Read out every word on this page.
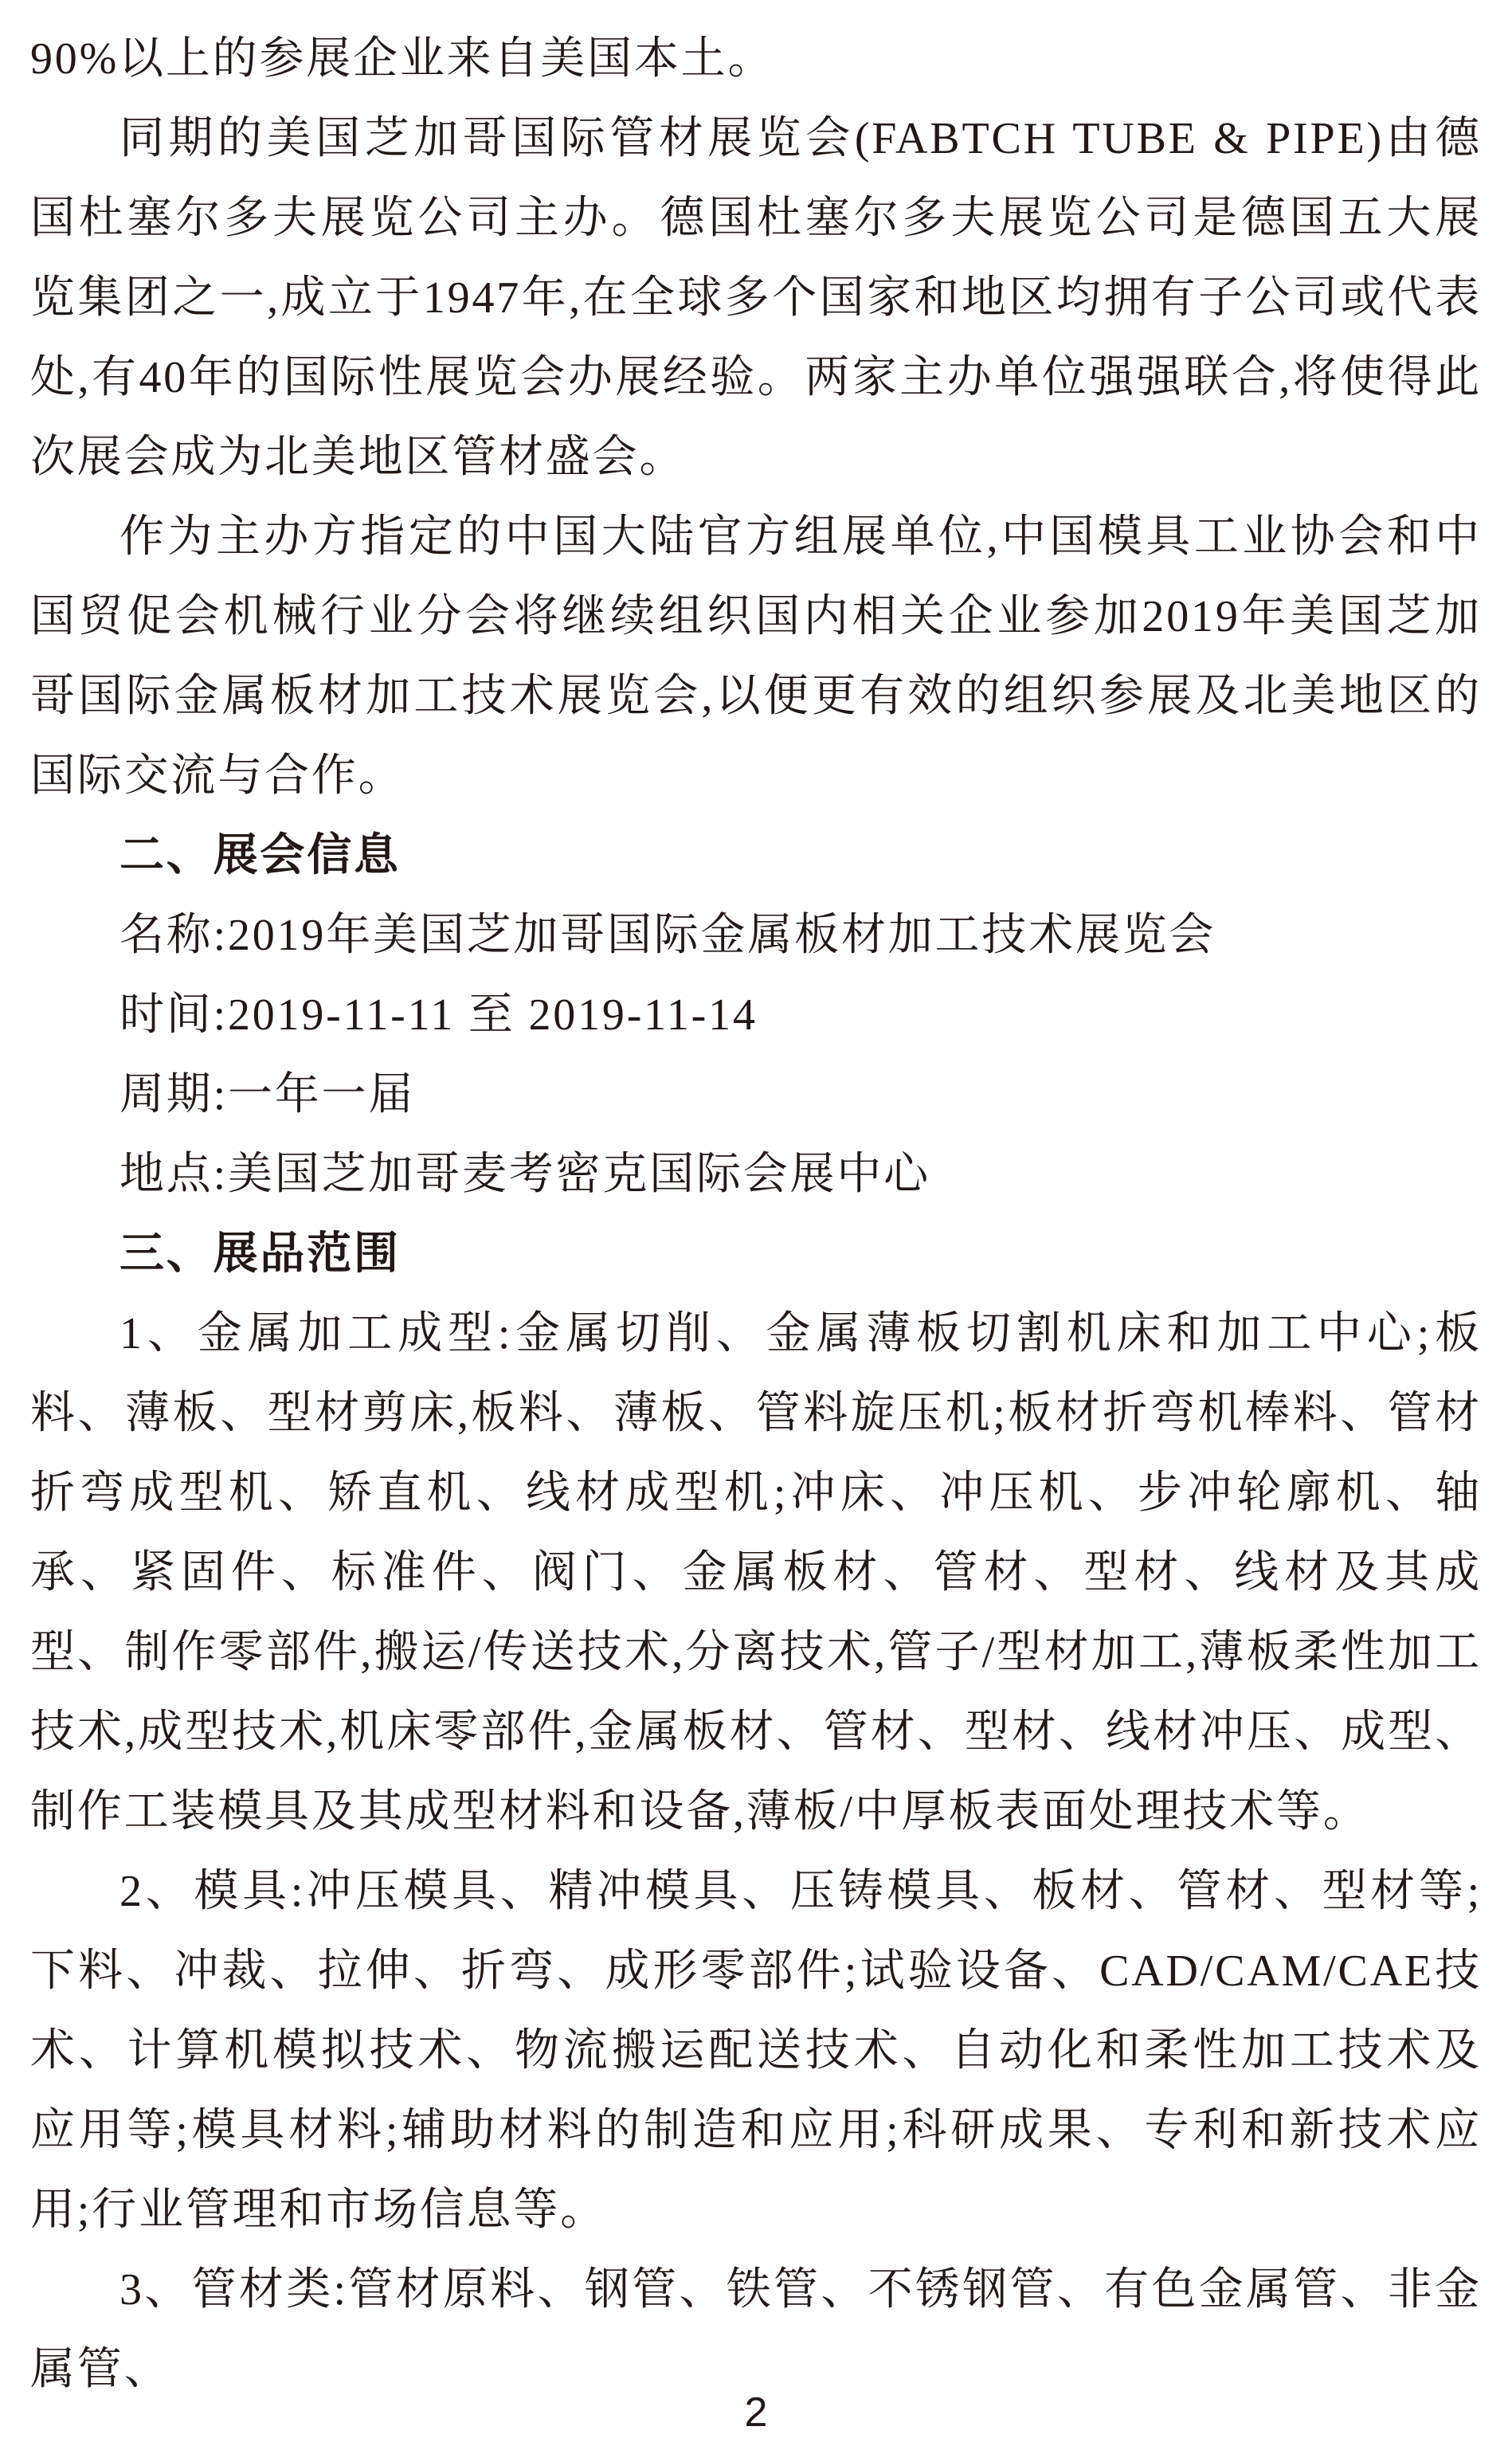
90%以上的参展企业来自美国本土。

同期的美国芝加哥国际管材展览会(FABTCH TUBE & PIPE)由德国杜塞尔多夫展览公司主办。德国杜塞尔多夫展览公司是德国五大展览集团之一,成立于1947年,在全球多个国家和地区均拥有子公司或代表处,有40年的国际性展览会办展经验。两家主办单位强强联合,将使得此次展会成为北美地区管材盛会。

作为主办方指定的中国大陆官方组展单位,中国模具工业协会和中国贸促会机械行业分会将继续组织国内相关企业参加2019年美国芝加哥国际金属板材加工技术展览会,以便更有效的组织参展及北美地区的国际交流与合作。

二、展会信息

名称:2019年美国芝加哥国际金属板材加工技术展览会

时间:2019-11-11 至 2019-11-14

周期:一年一届

地点:美国芝加哥麦考密克国际会展中心

三、展品范围

1、金属加工成型:金属切削、金属薄板切割机床和加工中心;板料、薄板、型材剪床,板料、薄板、管料旋压机;板材折弯机棒料、管材折弯成型机、矫直机、线材成型机;冲床、冲压机、步冲轮廓机、轴承、紧固件、标准件、阀门、金属板材、管材、型材、线材及其成型、制作零部件,搬运/传送技术,分离技术,管子/型材加工,薄板柔性加工技术,成型技术,机床零部件,金属板材、管材、型材、线材冲压、成型、制作工装模具及其成型材料和设备,薄板/中厚板表面处理技术等。

2、模具:冲压模具、精冲模具、压铸模具、板材、管材、型材等;下料、冲裁、拉伸、折弯、成形零部件;试验设备、CAD/CAM/CAE技术、计算机模拟技术、物流搬运配送技术、自动化和柔性加工技术及应用等;模具材料;辅助材料的制造和应用;科研成果、专利和新技术应用;行业管理和市场信息等。

3、管材类:管材原料、钢管、铁管、不锈钢管、有色金属管、非金属管、

2
